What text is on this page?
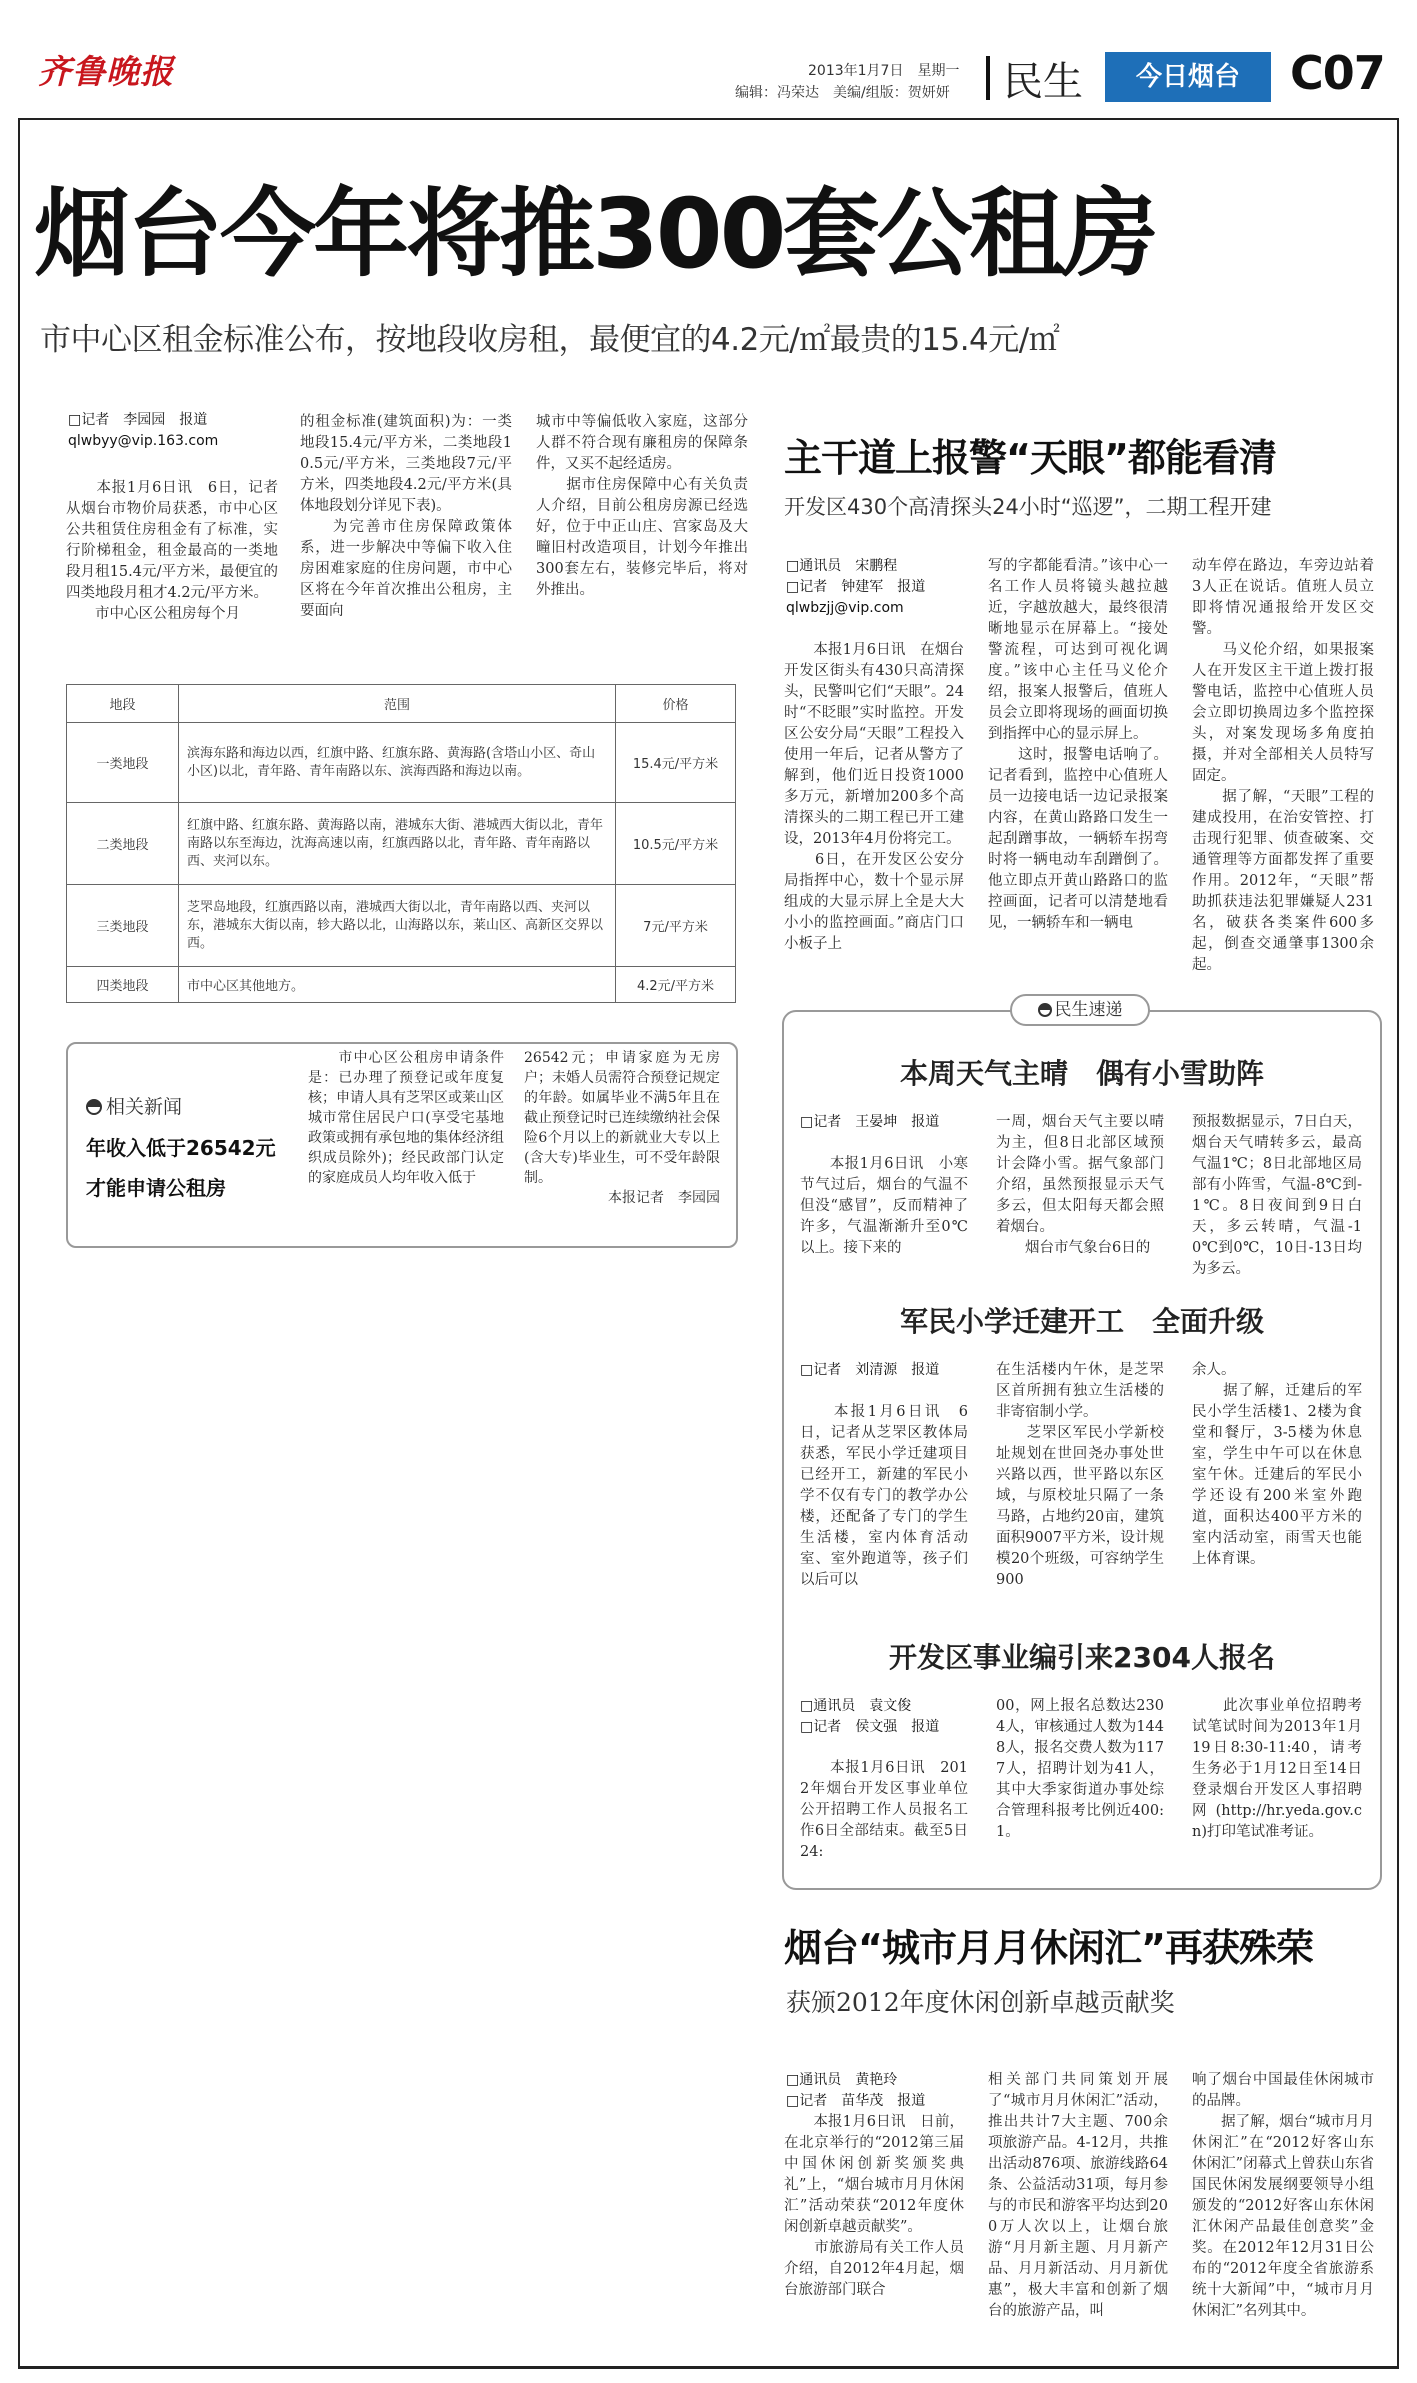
齐鲁晚报	2013年1月7日　星期一
编辑：冯荣达　美编/组版：贺妍妍 民生	今日烟台	C07
烟台今年将推300套公租房
市中心区租金标准公布，按地段收房租，最便宜的4.2元/㎡最贵的15.4元/㎡
□记者　李园园　报道
qlwbyy@vip.163.com
　　本报1月6日讯　6日，记者从烟台市物价局获悉，市中心区公共租赁住房租金有了标准，实行阶梯租金，租金最高的一类地段月租15.4元/平方米，最便宜的四类地段月租才4.2元/平方米。
　　市中心区公租房每个月
的租金标准(建筑面积)为：一类地段15.4元/平方米，二类地段10.5元/平方米，三类地段7元/平方米，四类地段4.2元/平方米(具体地段划分详见下表)。
　　为完善市住房保障政策体系，进一步解决中等偏下收入住房困难家庭的住房问题，市中心区将在今年首次推出公租房，主要面向
城市中等偏低收入家庭，这部分人群不符合现有廉租房的保障条件，又买不起经适房。
　　据市住房保障中心有关负责人介绍，目前公租房房源已经选好，位于中正山庄、宫家岛及大疃旧村改造项目，计划今年推出300套左右，装修完毕后，将对外推出。
地段	范围	价格
一类地段	滨海东路和海边以西，红旗中路、红旗东路、黄海路(含塔山小区、奇山小区)以北，青年路、青年南路以东、滨海西路和海边以南。	15.4元/平方米
二类地段	红旗中路、红旗东路、黄海路以南，港城东大街、港城西大街以北，青年南路以东至海边，沈海高速以南，红旗西路以北，青年路、青年南路以西、夹河以东。	10.5元/平方米
三类地段	芝罘岛地段，红旗西路以南，港城西大街以北，青年南路以西、夹河以东，港城东大街以南，轸大路以北，山海路以东，莱山区、高新区交界以西。	7元/平方米
四类地段	市中心区其他地方。	4.2元/平方米
相关新闻
年收入低于26542元
才能申请公租房
　　市中心区公租房申请条件是：已办理了预登记或年度复核；申请人具有芝罘区或莱山区城市常住居民户口(享受宅基地政策或拥有承包地的集体经济组织成员除外)；经民政部门认定的家庭成员人均年收入低于
26542元；申请家庭为无房户；未婚人员需符合预登记规定的年龄。如属毕业不满5年且在截止预登记时已连续缴纳社会保险6个月以上的新就业大专以上(含大专)毕业生，可不受年龄限制。
　　　　　　本报记者　李园园
主干道上报警“天眼”都能看清
开发区430个高清探头24小时“巡逻”，二期工程开建
□通讯员　宋鹏程
□记者　钟建军　报道
qlwbzjj@vip.com
　　本报1月6日讯　在烟台开发区街头有430只高清探头，民警叫它们“天眼”。24时“不眨眼”实时监控。开发区公安分局“天眼”工程投入使用一年后，记者从警方了解到，他们近日投资1000多万元，新增加200多个高清探头的二期工程已开工建设，2013年4月份将完工。
　　6日，在开发区公安分局指挥中心，数十个显示屏组成的大显示屏上全是大大小小的监控画面。”商店门口小板子上
写的字都能看清。”该中心一名工作人员将镜头越拉越近，字越放越大，最终很清晰地显示在屏幕上。“接处警流程，可达到可视化调度。”该中心主任马义伦介绍，报案人报警后，值班人员会立即将现场的画面切换到指挥中心的显示屏上。
　　这时，报警电话响了。记者看到，监控中心值班人员一边接电话一边记录报案内容，在黄山路路口发生一起刮蹭事故，一辆轿车拐弯时将一辆电动车刮蹭倒了。他立即点开黄山路路口的监控画面，记者可以清楚地看见，一辆轿车和一辆电
动车停在路边，车旁边站着3人正在说话。值班人员立即将情况通报给开发区交警。
　　马义伦介绍，如果报案人在开发区主干道上拨打报警电话，监控中心值班人员会立即切换周边多个监控探头，对案发现场多角度拍摄，并对全部相关人员特写固定。
　　据了解，“天眼”工程的建成投用，在治安管控、打击现行犯罪、侦查破案、交通管理等方面都发挥了重要作用。2012年，“天眼”帮助抓获违法犯罪嫌疑人231名，破获各类案件600多起，倒查交通肇事1300余起。
民生速递
本周天气主晴　偶有小雪助阵
□记者　王晏坤　报道
　　本报1月6日讯　小寒节气过后，烟台的气温不但没“感冒”，反而精神了许多，气温渐渐升至0℃以上。接下来的
一周，烟台天气主要以晴为主，但8日北部区域预计会降小雪。据气象部门介绍，虽然预报显示天气多云，但太阳每天都会照着烟台。
　　烟台市气象台6日的
预报数据显示，7日白天，烟台天气晴转多云，最高气温1℃；8日北部地区局部有小阵雪，气温-8℃到-1℃。8日夜间到9日白天，多云转晴，气温-10℃到0℃，10日-13日均为多云。
军民小学迁建开工　全面升级
□记者　刘清源　报道
　　本报1月6日讯　6日，记者从芝罘区教体局获悉，军民小学迁建项目已经开工，新建的军民小学不仅有专门的教学办公楼，还配备了专门的学生生活楼，室内体育活动室、室外跑道等，孩子们以后可以
在生活楼内午休，是芝罘区首所拥有独立生活楼的非寄宿制小学。
　　芝罘区军民小学新校址规划在世回尧办事处世兴路以西，世平路以东区域，与原校址只隔了一条马路，占地约20亩，建筑面积9007平方米，设计规模20个班级，可容纳学生900
余人。
　　据了解，迁建后的军民小学生活楼1、2楼为食堂和餐厅，3-5楼为休息室，学生中午可以在休息室午休。迁建后的军民小学还设有200米室外跑道，面积达400平方米的室内活动室，雨雪天也能上体育课。
开发区事业编引来2304人报名
□通讯员　袁文俊
□记者　侯文强　报道
　　本报1月6日讯　2012年烟台开发区事业单位公开招聘工作人员报名工作6日全部结束。截至5日24:
00，网上报名总数达2304人，审核通过人数为1448人，报名交费人数为1177人，招聘计划为41人，其中大季家街道办事处综合管理科报考比例近400:1。
　　此次事业单位招聘考试笔试时间为2013年1月19日8:30-11:40，请考生务必于1月12日至14日登录烟台开发区人事招聘网(http://hr.yeda.gov.cn)打印笔试准考证。
烟台“城市月月休闲汇”再获殊荣
获颁2012年度休闲创新卓越贡献奖
□通讯员　黄艳玲
□记者　苗华茂　报道
　　本报1月6日讯　日前，在北京举行的“2012第三届中国休闲创新奖颁奖典礼”上，“烟台城市月月休闲汇”活动荣获“2012年度休闲创新卓越贡献奖”。
　　市旅游局有关工作人员介绍，自2012年4月起，烟台旅游部门联合
相关部门共同策划开展了“城市月月休闲汇”活动，推出共计7大主题、700余项旅游产品。4-12月，共推出活动876项、旅游线路64条、公益活动31项，每月参与的市民和游客平均达到200万人次以上，让烟台旅游“月月新主题、月月新产品、月月新活动、月月新优惠”，极大丰富和创新了烟台的旅游产品，叫
响了烟台中国最佳休闲城市的品牌。
　　据了解，烟台“城市月月休闲汇”在“2012好客山东休闲汇”闭幕式上曾获山东省国民休闲发展纲要领导小组颁发的“2012好客山东休闲汇休闲产品最佳创意奖”金奖。在2012年12月31日公布的“2012年度全省旅游系统十大新闻”中，“城市月月休闲汇”名列其中。
